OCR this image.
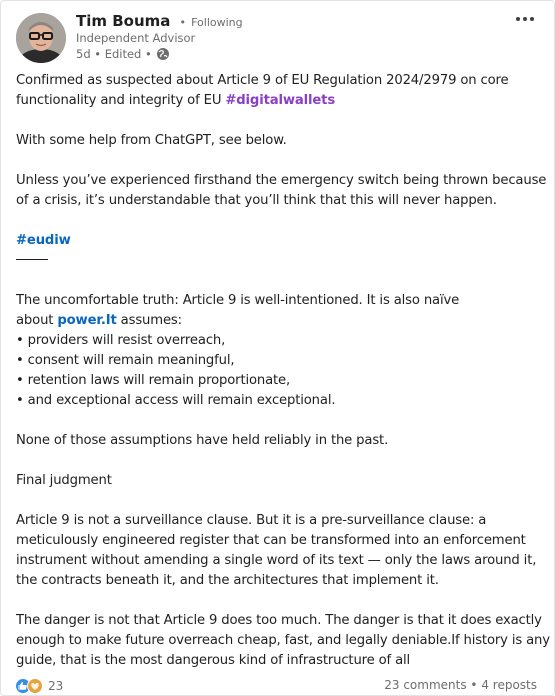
Tim Bouma • Following
Independent Advisor
5d • Edited •
Confirmed as suspected about Article 9 of EU Regulation 2024/2979 on core
functionality and integrity of EU #digitalwallets
With some help from ChatGPT, see below.
Unless you’ve experienced firsthand the emergency switch being thrown because
of a crisis, it’s understandable that you’ll think that this will never happen.
#eudiw
The uncomfortable truth: Article 9 is well-intentioned. It is also naïve
about power.It assumes:
• providers will resist overreach,
• consent will remain meaningful,
• retention laws will remain proportionate,
• and exceptional access will remain exceptional.
None of those assumptions have held reliably in the past.
Final judgment
Article 9 is not a surveillance clause. But it is a pre-surveillance clause: a
meticulously engineered register that can be transformed into an enforcement
instrument without amending a single word of its text — only the laws around it,
the contracts beneath it, and the architectures that implement it.
The danger is not that Article 9 does too much. The danger is that it does exactly
enough to make future overreach cheap, fast, and legally deniable.If history is any
guide, that is the most dangerous kind of infrastructure of all
23	23 comments • 4 reposts
